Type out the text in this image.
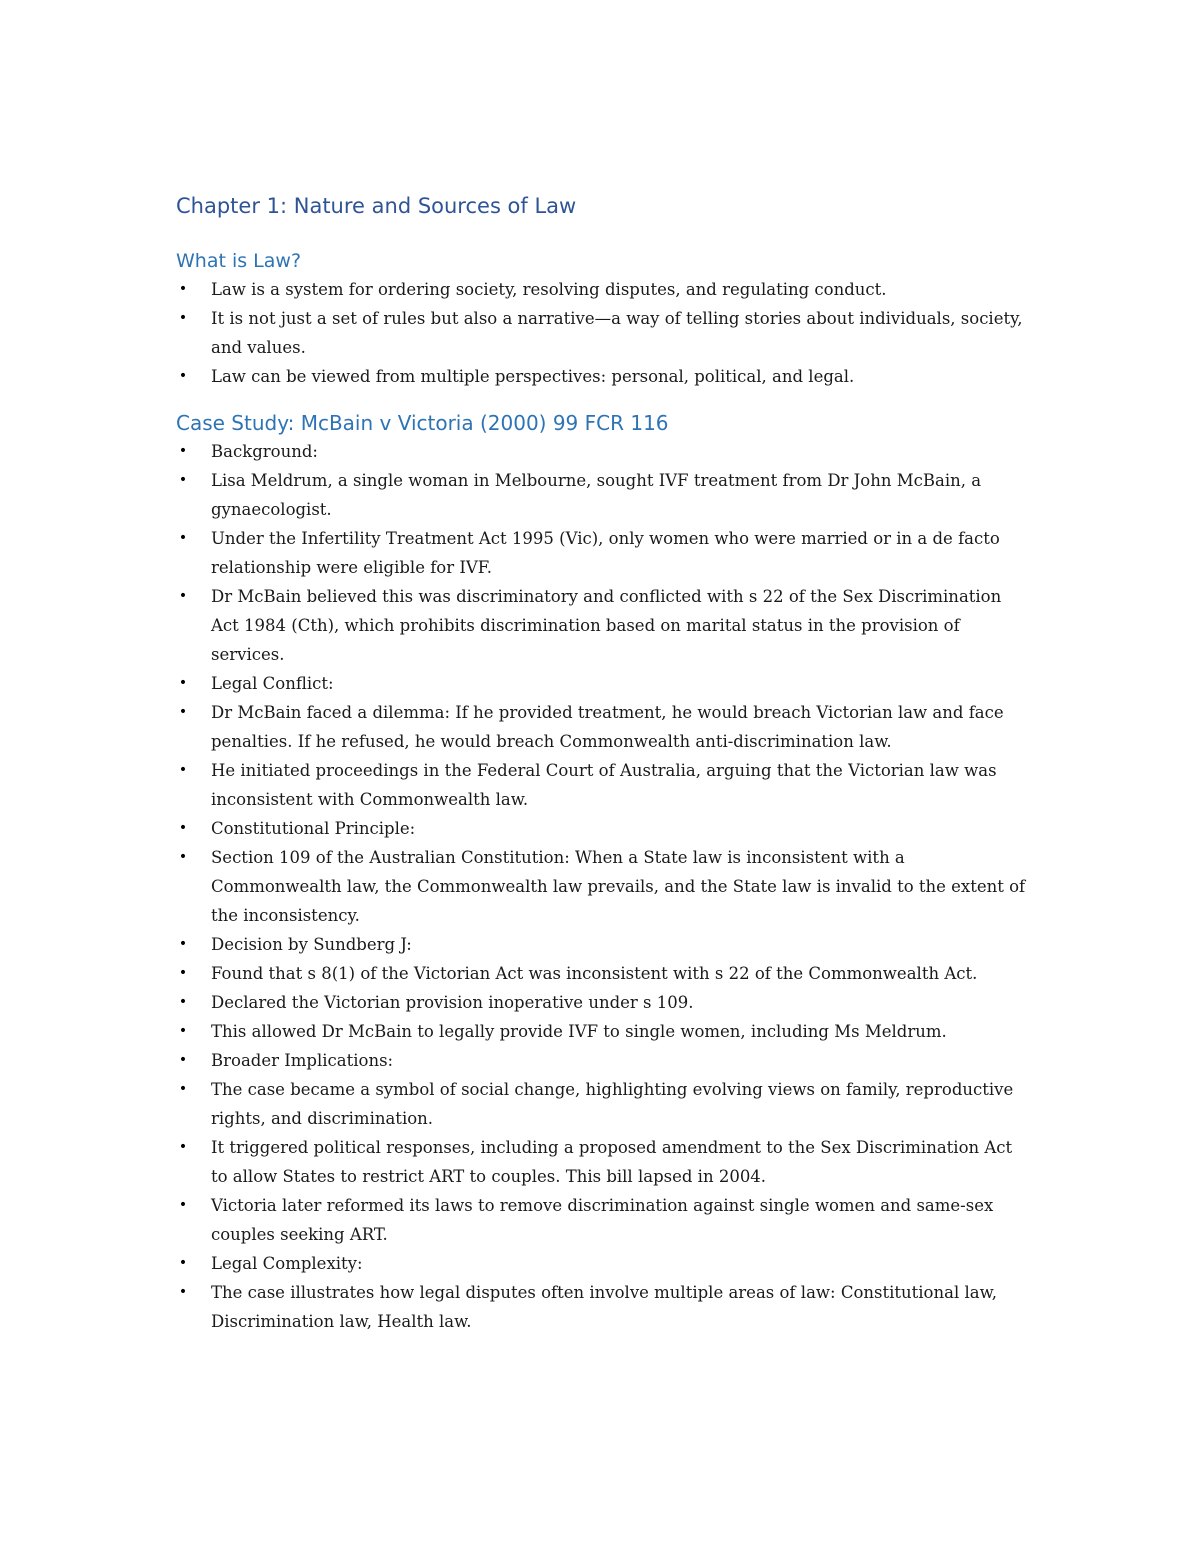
Chapter 1: Nature and Sources of Law
What is Law?
• Law is a system for ordering society, resolving disputes, and regulating conduct.
• It is not just a set of rules but also a narrative—a way of telling stories about individuals, society, and values.
• Law can be viewed from multiple perspectives: personal, political, and legal.
Case Study: McBain v Victoria (2000) 99 FCR 116
• Background:
• Lisa Meldrum, a single woman in Melbourne, sought IVF treatment from Dr John McBain, a gynaecologist.
• Under the Infertility Treatment Act 1995 (Vic), only women who were married or in a de facto relationship were eligible for IVF.
• Dr McBain believed this was discriminatory and conflicted with s 22 of the Sex Discrimination Act 1984 (Cth), which prohibits discrimination based on marital status in the provision of services.
• Legal Conflict:
• Dr McBain faced a dilemma: If he provided treatment, he would breach Victorian law and face penalties. If he refused, he would breach Commonwealth anti-discrimination law.
• He initiated proceedings in the Federal Court of Australia, arguing that the Victorian law was inconsistent with Commonwealth law.
• Constitutional Principle:
• Section 109 of the Australian Constitution: When a State law is inconsistent with a Commonwealth law, the Commonwealth law prevails, and the State law is invalid to the extent of the inconsistency.
• Decision by Sundberg J:
• Found that s 8(1) of the Victorian Act was inconsistent with s 22 of the Commonwealth Act.
• Declared the Victorian provision inoperative under s 109.
• This allowed Dr McBain to legally provide IVF to single women, including Ms Meldrum.
• Broader Implications:
• The case became a symbol of social change, highlighting evolving views on family, reproductive rights, and discrimination.
• It triggered political responses, including a proposed amendment to the Sex Discrimination Act to allow States to restrict ART to couples. This bill lapsed in 2004.
• Victoria later reformed its laws to remove discrimination against single women and same-sex couples seeking ART.
• Legal Complexity:
• The case illustrates how legal disputes often involve multiple areas of law: Constitutional law, Discrimination law, Health law.
